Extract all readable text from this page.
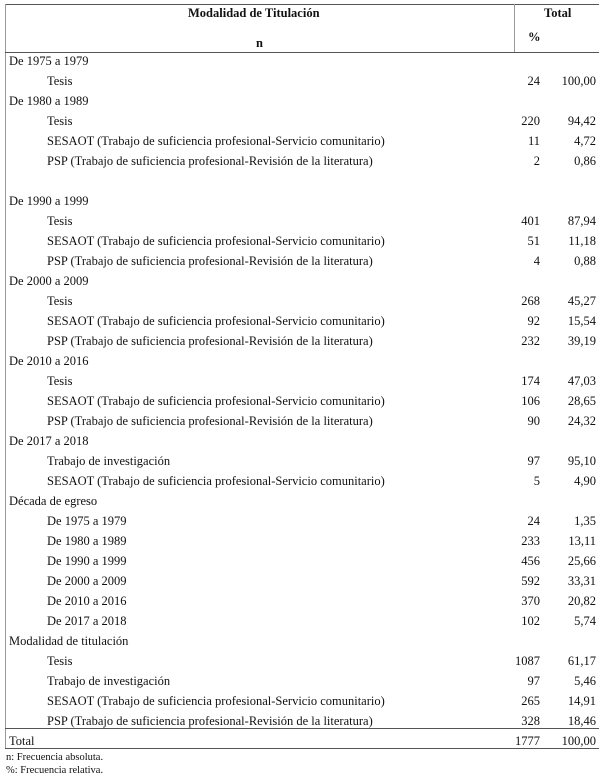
Modalidad de Titulación	Total
n	%
De 1975 a 1979
Tesis	24 100,00
De 1980 a 1989
Tesis	220 94,42
SESAOT (Trabajo de suficiencia profesional-Servicio comunitario)	11	4,72
PSP (Trabajo de suficiencia profesional-Revisión de la literatura)	2	0,86
De 1990 a 1999
Tesis	401 87,94
SESAOT (Trabajo de suficiencia profesional-Servicio comunitario)	51 11,18
PSP (Trabajo de suficiencia profesional-Revisión de la literatura)	4	0,88
De 2000 a 2009
Tesis	268 45,27
SESAOT (Trabajo de suficiencia profesional-Servicio comunitario)	92 15,54
PSP (Trabajo de suficiencia profesional-Revisión de la literatura)	232 39,19
De 2010 a 2016
Tesis	174 47,03
SESAOT (Trabajo de suficiencia profesional-Servicio comunitario)	106 28,65
PSP (Trabajo de suficiencia profesional-Revisión de la literatura)	90 24,32
De 2017 a 2018
Trabajo de investigación	97 95,10
SESAOT (Trabajo de suficiencia profesional-Servicio comunitario)	5	4,90
Década de egreso
De 1975 a 1979	24	1,35
De 1980 a 1989	233 13,11
De 1990 a 1999	456 25,66
De 2000 a 2009	592 33,31
De 2010 a 2016	370 20,82
De 2017 a 2018	102	5,74
Modalidad de titulación
Tesis	1087 61,17
Trabajo de investigación	97	5,46
SESAOT (Trabajo de suficiencia profesional-Servicio comunitario)	265 14,91
PSP (Trabajo de suficiencia profesional-Revisión de la literatura)	328 18,46
Total	1777 100,00
n: Frecuencia absoluta.
%: Frecuencia relativa.
